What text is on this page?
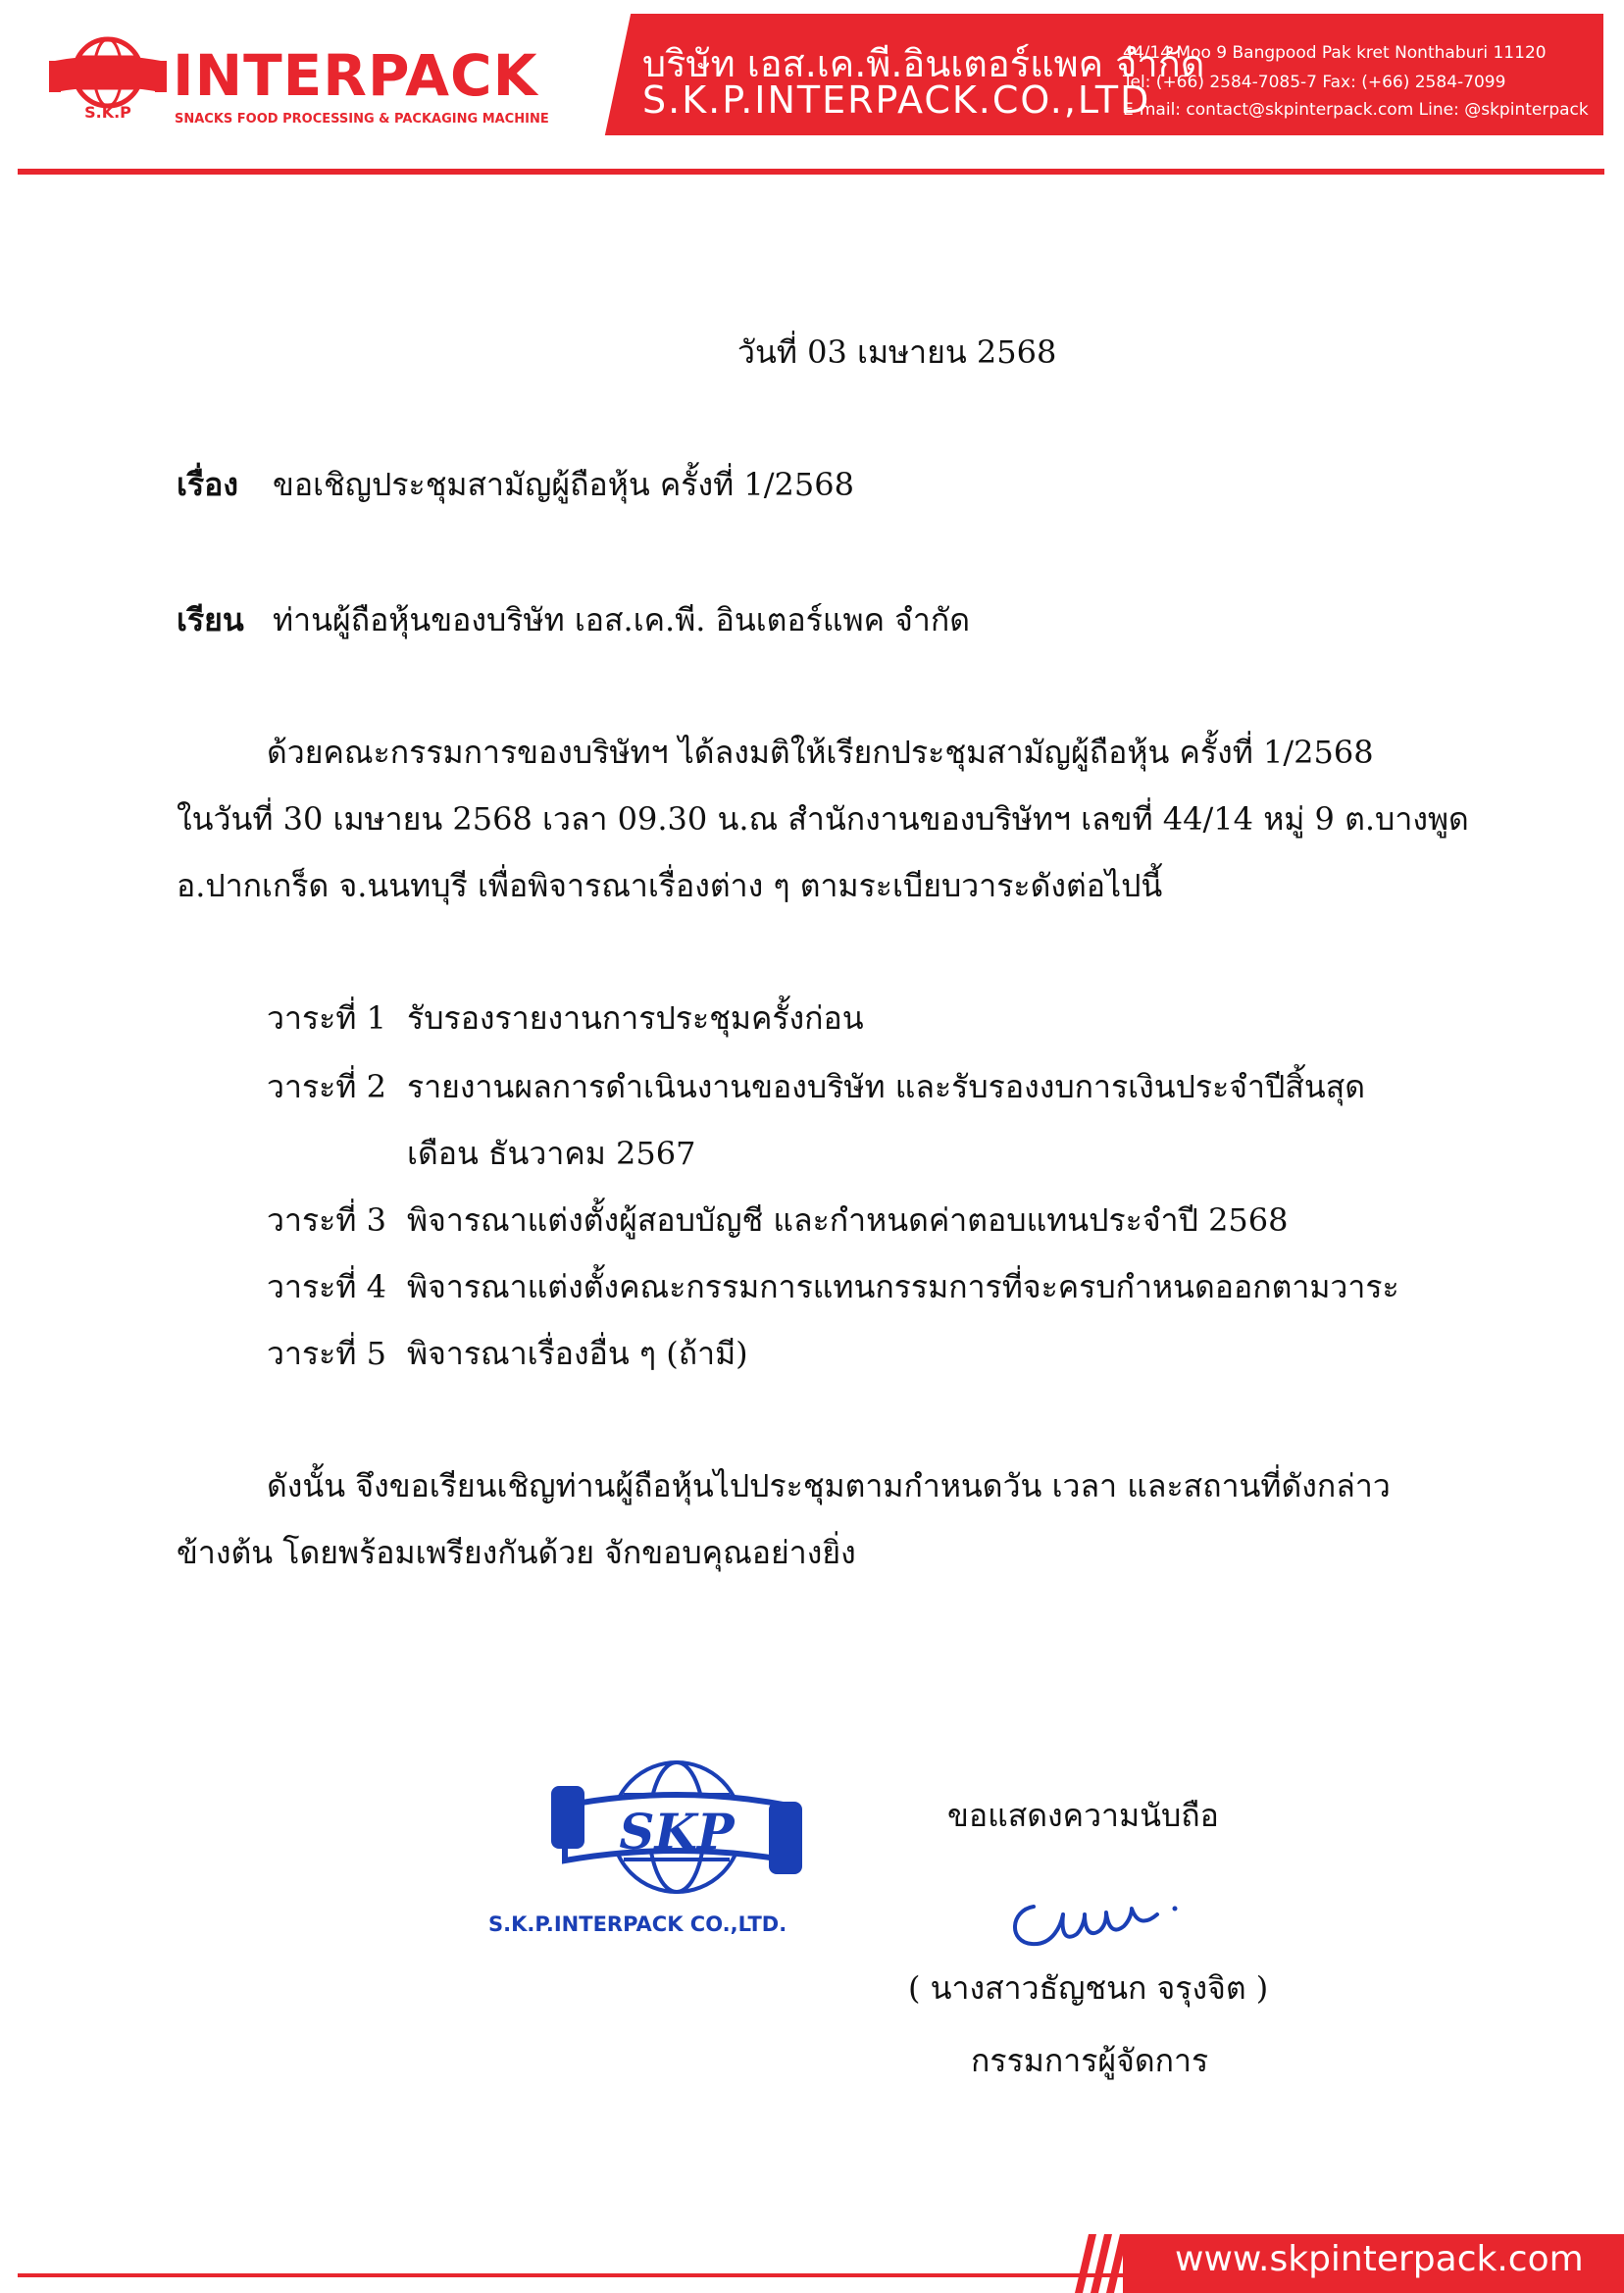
S.K.P
INTERPACK
SNACKS FOOD PROCESSING & PACKAGING MACHINE
บริษัท เอส.เค.พี.อินเตอร์แพค จำกัด
S.K.P.INTERPACK.CO.,LTD
44/14 Moo 9 Bangpood Pak kret Nonthaburi 11120
Tel: (+66) 2584-7085-7 Fax: (+66) 2584-7099
E-mail: contact@skpinterpack.com Line: @skpinterpack
วันที่ 03 เมษายน 2568
เรื่อง ขอเชิญประชุมสามัญผู้ถือหุ้น ครั้งที่ 1/2568
เรียน ท่านผู้ถือหุ้นของบริษัท เอส.เค.พี. อินเตอร์แพค จำกัด
ด้วยคณะกรรมการของบริษัทฯ ได้ลงมติให้เรียกประชุมสามัญผู้ถือหุ้น ครั้งที่ 1/2568
ในวันที่ 30 เมษายน 2568 เวลา 09.30 น.ณ สำนักงานของบริษัทฯ เลขที่ 44/14 หมู่ 9 ต.บางพูด
อ.ปากเกร็ด จ.นนทบุรี เพื่อพิจารณาเรื่องต่าง ๆ ตามระเบียบวาระดังต่อไปนี้
วาระที่ 1 รับรองรายงานการประชุมครั้งก่อน
วาระที่ 2 รายงานผลการดำเนินงานของบริษัท และรับรองงบการเงินประจำปีสิ้นสุด
เดือน ธันวาคม 2567
วาระที่ 3 พิจารณาแต่งตั้งผู้สอบบัญชี และกำหนดค่าตอบแทนประจำปี 2568
วาระที่ 4 พิจารณาแต่งตั้งคณะกรรมการแทนกรรมการที่จะครบกำหนดออกตามวาระ
วาระที่ 5 พิจารณาเรื่องอื่น ๆ (ถ้ามี)
ดังนั้น จึงขอเรียนเชิญท่านผู้ถือหุ้นไปประชุมตามกำหนดวัน เวลา และสถานที่ดังกล่าว
ข้างต้น โดยพร้อมเพรียงกันด้วย จักขอบคุณอย่างยิ่ง
SKP
S.K.P.INTERPACK CO.,LTD.
ขอแสดงความนับถือ
( นางสาวธัญชนก จรุงจิต )
กรรมการผู้จัดการ
www.skpinterpack.com
